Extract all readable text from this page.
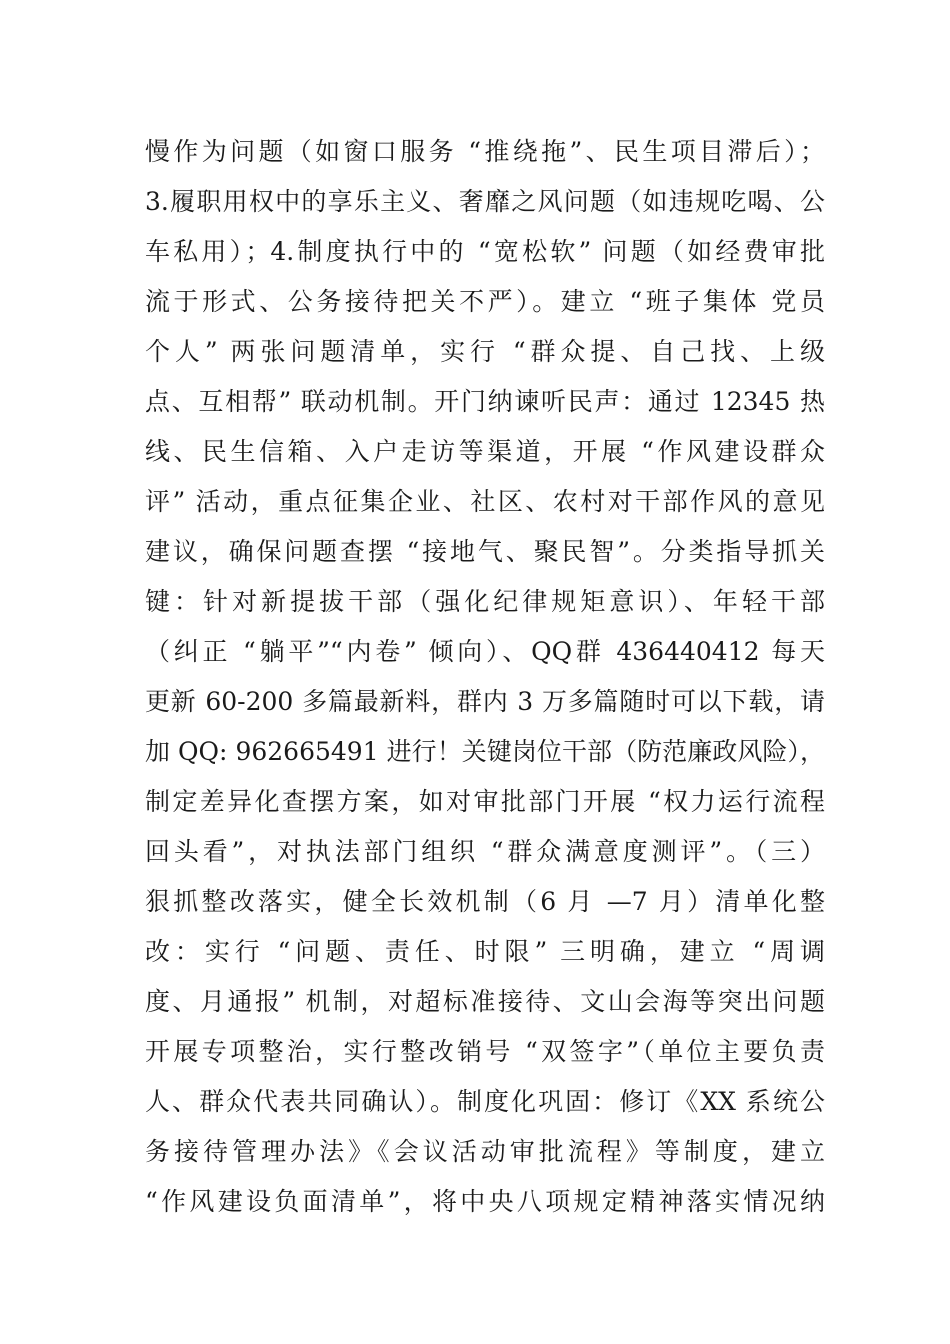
慢作为问题（如窗口服务 “推绕拖”、民生项目滞后）；
3.履职用权中的享乐主义、奢靡之风问题（如违规吃喝、公
车私用）；4.制度执行中的 “宽松软” 问题（如经费审批
流于形式、公务接待把关不严）。建立 “班子集体 党员
个人” 两张问题清单，实行 “群众提、自己找、上级
点、互相帮” 联动机制。开门纳谏听民声：通过 12345 热
线、民生信箱、入户走访等渠道，开展 “作风建设群众
评” 活动，重点征集企业、社区、农村对干部作风的意见
建议，确保问题查摆 “接地气、聚民智”。分类指导抓关
键：针对新提拔干部（强化纪律规矩意识）、年轻干部
（纠正 “躺平”“内卷” 倾向）、QQ群 436440412 每天
更新 60-200 多篇最新料，群内 3 万多篇随时可以下载，请
加 QQ: 962665491 进行！关键岗位干部（防范廉政风险），
制定差异化查摆方案，如对审批部门开展 “权力运行流程
回头看”，对执法部门组织 “群众满意度测评”。（三）
狠抓整改落实，健全长效机制（6 月 —7 月）清单化整
改：实行 “问题、责任、时限” 三明确，建立 “周调
度、月通报” 机制，对超标准接待、文山会海等突出问题
开展专项整治，实行整改销号 “双签字”（单位主要负责
人、群众代表共同确认）。制度化巩固：修订《XX 系统公
务接待管理办法》《会议活动审批流程》等制度，建立
“作风建设负面清单”，将中央八项规定精神落实情况纳
